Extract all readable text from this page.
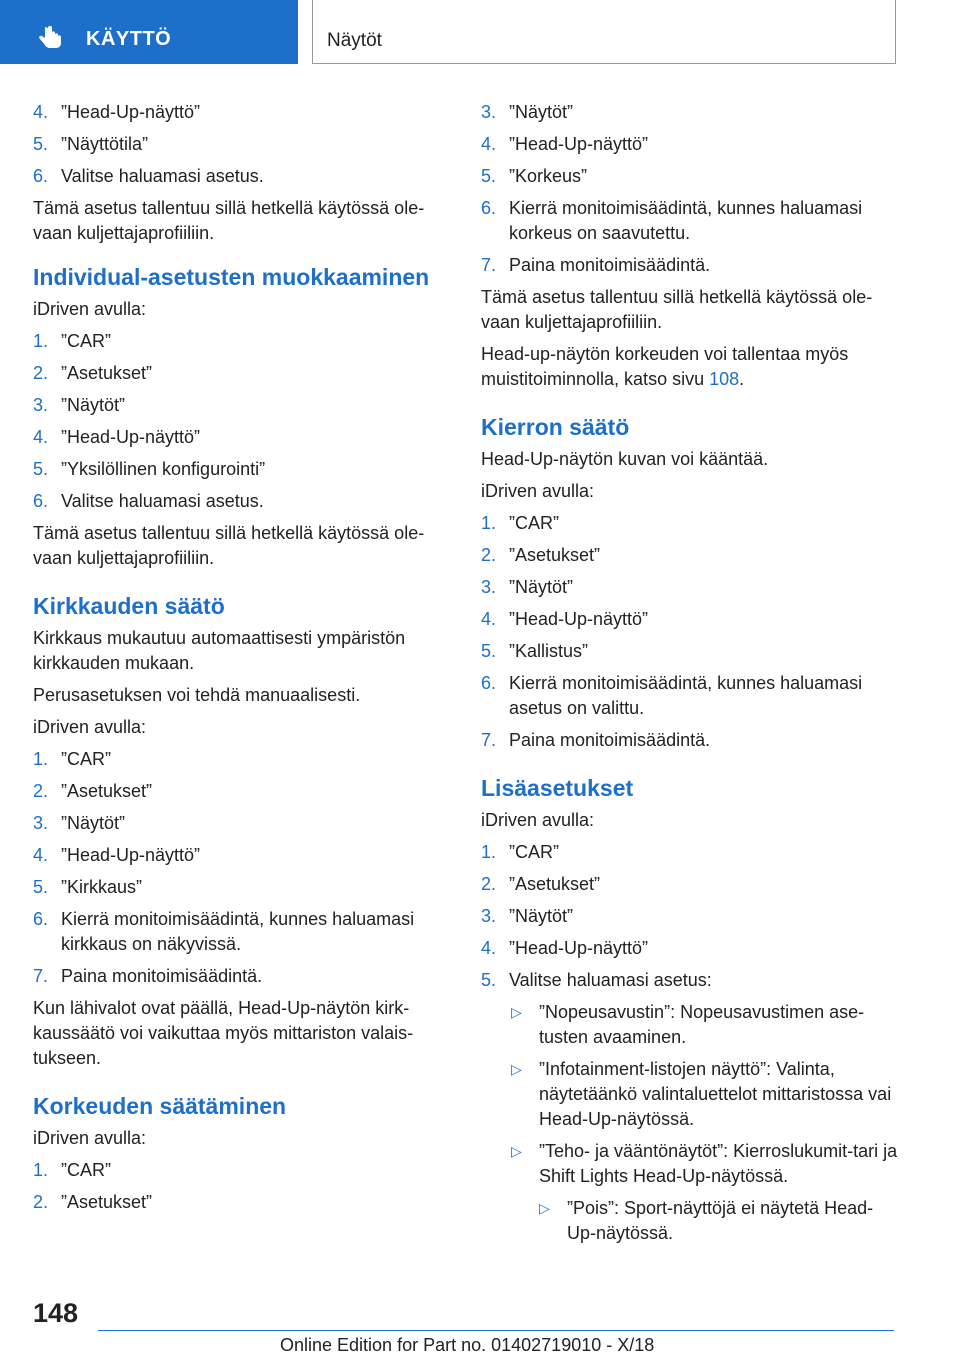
KÄYTTÖ	Näytöt
4. ”Head-Up-näyttö”
5. ”Näyttötila”
6. Valitse haluamasi asetus.

Tämä asetus tallentuu sillä hetkellä käytössä ole-vaan kuljettajaprofiiliin.

Individual-asetusten muokkaaminen

iDriven avulla:

1. ”CAR”
2. ”Asetukset”
3. ”Näytöt”
4. ”Head-Up-näyttö”
5. ”Yksilöllinen konfigurointi”
6. Valitse haluamasi asetus.

Tämä asetus tallentuu sillä hetkellä käytössä ole-vaan kuljettajaprofiiliin.

Kirkkauden säätö

Kirkkaus mukautuu automaattisesti ympäristön kirkkauden mukaan.

Perusasetuksen voi tehdä manuaalisesti.

iDriven avulla:

1. ”CAR”
2. ”Asetukset”
3. ”Näytöt”
4. ”Head-Up-näyttö”
5. ”Kirkkaus”
6. Kierrä monitoimisäädintä, kunnes haluamasi kirkkaus on näkyvissä.
7. Paina monitoimisäädintä.

Kun lähivalot ovat päällä, Head-Up-näytön kirk-kaussäätö voi vaikuttaa myös mittariston valais-tukseen.

Korkeuden säätäminen

iDriven avulla:

1. ”CAR”
2. ”Asetukset”
3. ”Näytöt”
4. ”Head-Up-näyttö”
5. ”Korkeus”
6. Kierrä monitoimisäädintä, kunnes haluamasi korkeus on saavutettu.
7. Paina monitoimisäädintä.

Tämä asetus tallentuu sillä hetkellä käytössä ole-vaan kuljettajaprofiiliin.

Head-up-näytön korkeuden voi tallentaa myös muistitoiminnolla, katso sivu 108.

Kierron säätö

Head-Up-näytön kuvan voi kääntää.

iDriven avulla:

1. ”CAR”
2. ”Asetukset”
3. ”Näytöt”
4. ”Head-Up-näyttö”
5. ”Kallistus”
6. Kierrä monitoimisäädintä, kunnes haluamasi asetus on valittu.
7. Paina monitoimisäädintä.
Lisäasetukset

iDriven avulla:

1. ”CAR”
2. ”Asetukset”
3. ”Näytöt”
4. ”Head-Up-näyttö”
5. Valitse haluamasi asetus:
▷ ”Nopeusavustin”: Nopeusavustimen ase-tusten avaaminen.
▷ ”Infotainment-listojen näyttö”: Valinta, näytetäänkö valintaluettelot mittaristossa vai Head-Up-näytössä.
▷ ”Teho- ja vääntönäytöt”: Kierroslukumit-tari ja Shift Lights Head-Up-näytössä.
▷ ”Pois”: Sport-näyttöjä ei näytetä Head-Up-näytössä.
148
Online Edition for Part no. 01402719010 - X/18
